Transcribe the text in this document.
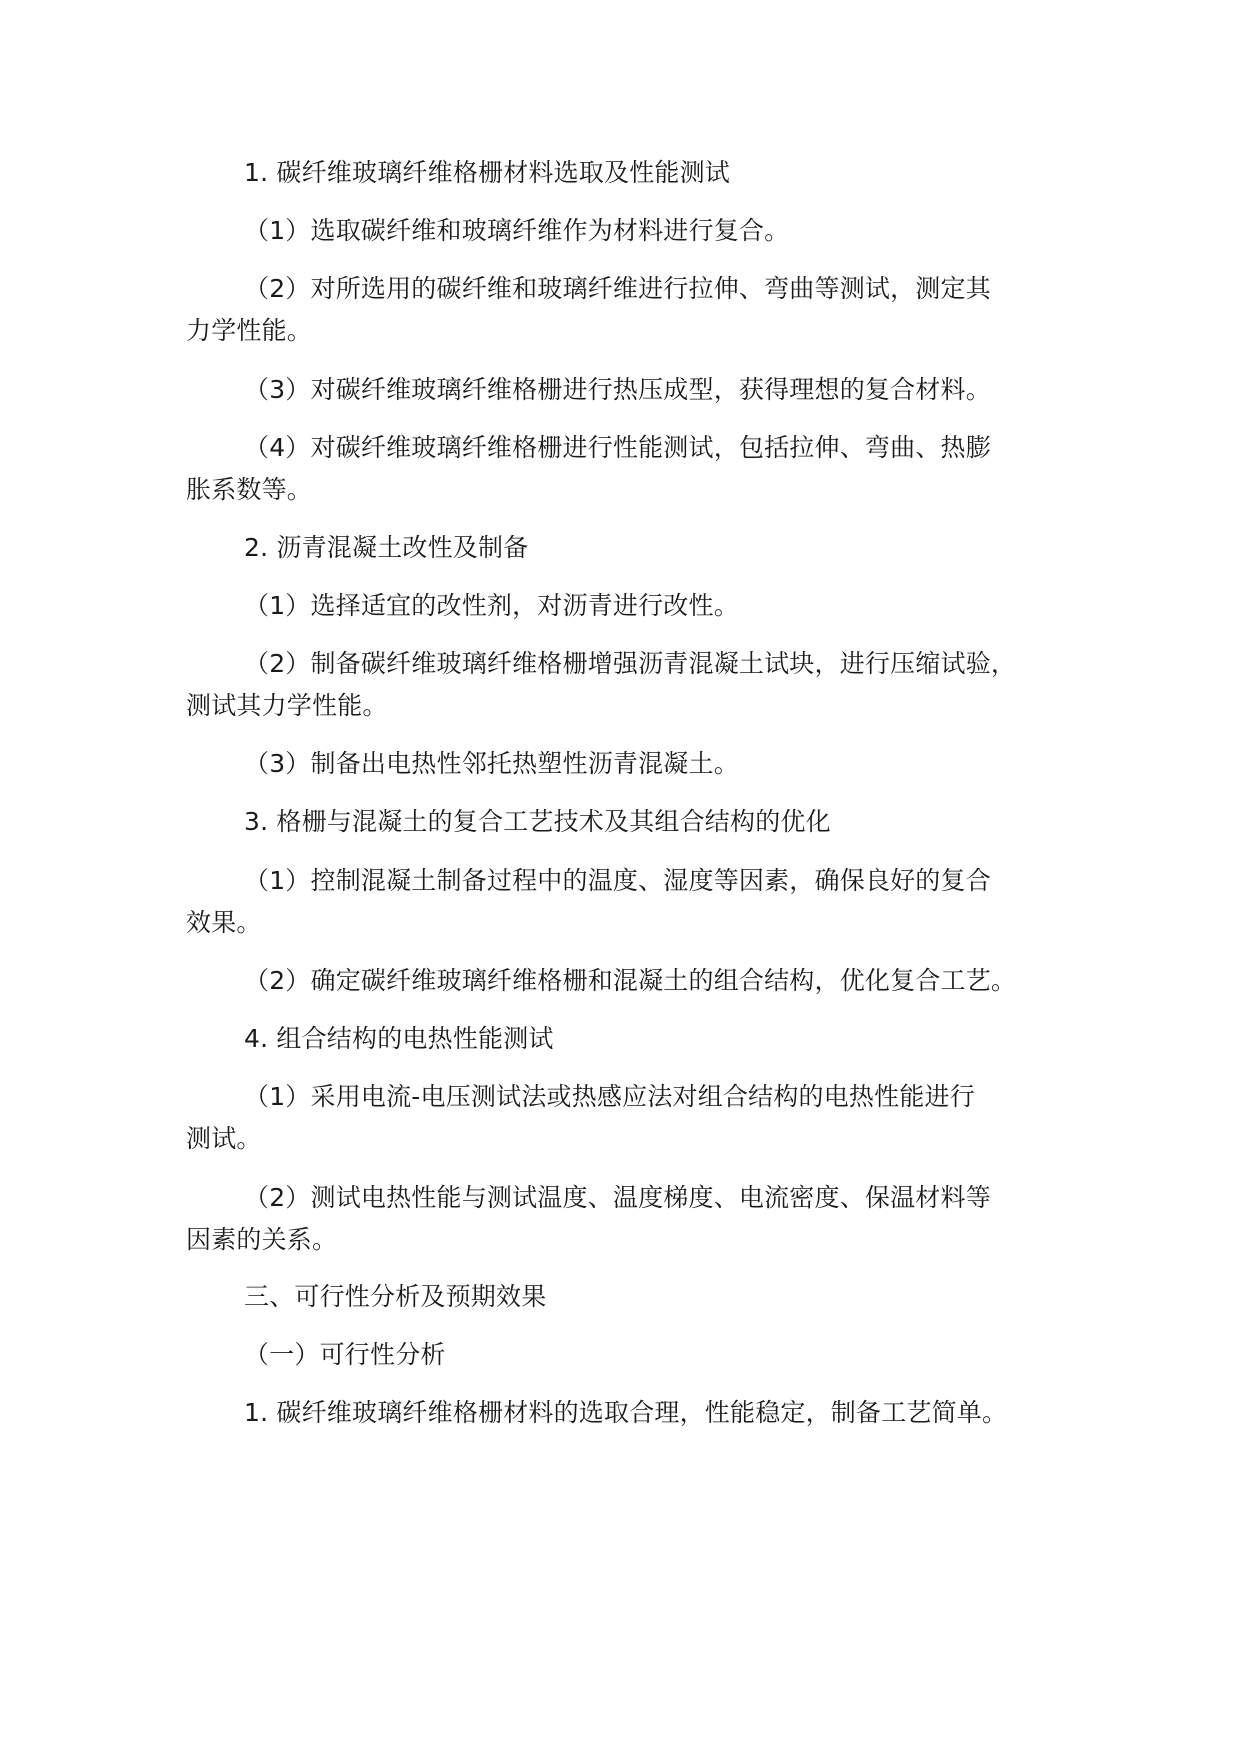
1. 碳纤维玻璃纤维格栅材料选取及性能测试
（1）选取碳纤维和玻璃纤维作为材料进行复合。
（2）对所选用的碳纤维和玻璃纤维进行拉伸、弯曲等测试，测定其
力学性能。
（3）对碳纤维玻璃纤维格栅进行热压成型，获得理想的复合材料。
（4）对碳纤维玻璃纤维格栅进行性能测试，包括拉伸、弯曲、热膨
胀系数等。
2. 沥青混凝土改性及制备
（1）选择适宜的改性剂，对沥青进行改性。
（2）制备碳纤维玻璃纤维格栅增强沥青混凝土试块，进行压缩试验，
测试其力学性能。
（3）制备出电热性邻托热塑性沥青混凝土。
3. 格栅与混凝土的复合工艺技术及其组合结构的优化
（1）控制混凝土制备过程中的温度、湿度等因素，确保良好的复合
效果。
（2）确定碳纤维玻璃纤维格栅和混凝土的组合结构，优化复合工艺。
4. 组合结构的电热性能测试
（1）采用电流-电压测试法或热感应法对组合结构的电热性能进行
测试。
（2）测试电热性能与测试温度、温度梯度、电流密度、保温材料等
因素的关系。
三、可行性分析及预期效果
（一）可行性分析
1. 碳纤维玻璃纤维格栅材料的选取合理，性能稳定，制备工艺简单。
